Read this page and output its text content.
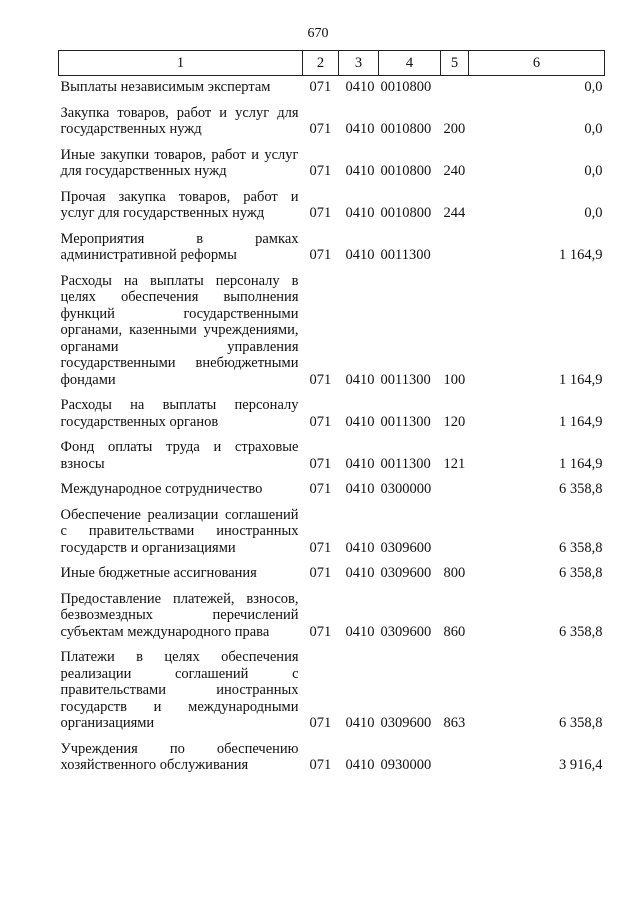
670
1	2	3	4	5	6
Выплаты независимым экспертам	071	0410	0010800		0,0
Закупка товаров, работ и услуг для государственных нужд	071	0410	0010800	200	0,0
Иные закупки товаров, работ и услуг для государственных нужд	071	0410	0010800	240	0,0
Прочая закупка товаров, работ и услуг для государственных нужд	071	0410	0010800	244	0,0
Мероприятия в рамках административной реформы	071	0410	0011300		1 164,9
Расходы на выплаты персоналу в целях обеспечения выполнения функций государственными органами, казенными учреждениями, органами управления государственными внебюджетными фондами	071	0410	0011300	100	1 164,9
Расходы на выплаты персоналу государственных органов	071	0410	0011300	120	1 164,9
Фонд оплаты труда и страховые взносы	071	0410	0011300	121	1 164,9
Международное сотрудничество	071	0410	0300000		6 358,8
Обеспечение реализации соглашений с правительствами иностранных государств и организациями	071	0410	0309600		6 358,8
Иные бюджетные ассигнования	071	0410	0309600	800	6 358,8
Предоставление платежей, взносов, безвозмездных перечислений субъектам международного права	071	0410	0309600	860	6 358,8
Платежи в целях обеспечения реализации соглашений с правительствами иностранных государств и международными организациями	071	0410	0309600	863	6 358,8
Учреждения по обеспечению хозяйственного обслуживания	071	0410	0930000		3 916,4
